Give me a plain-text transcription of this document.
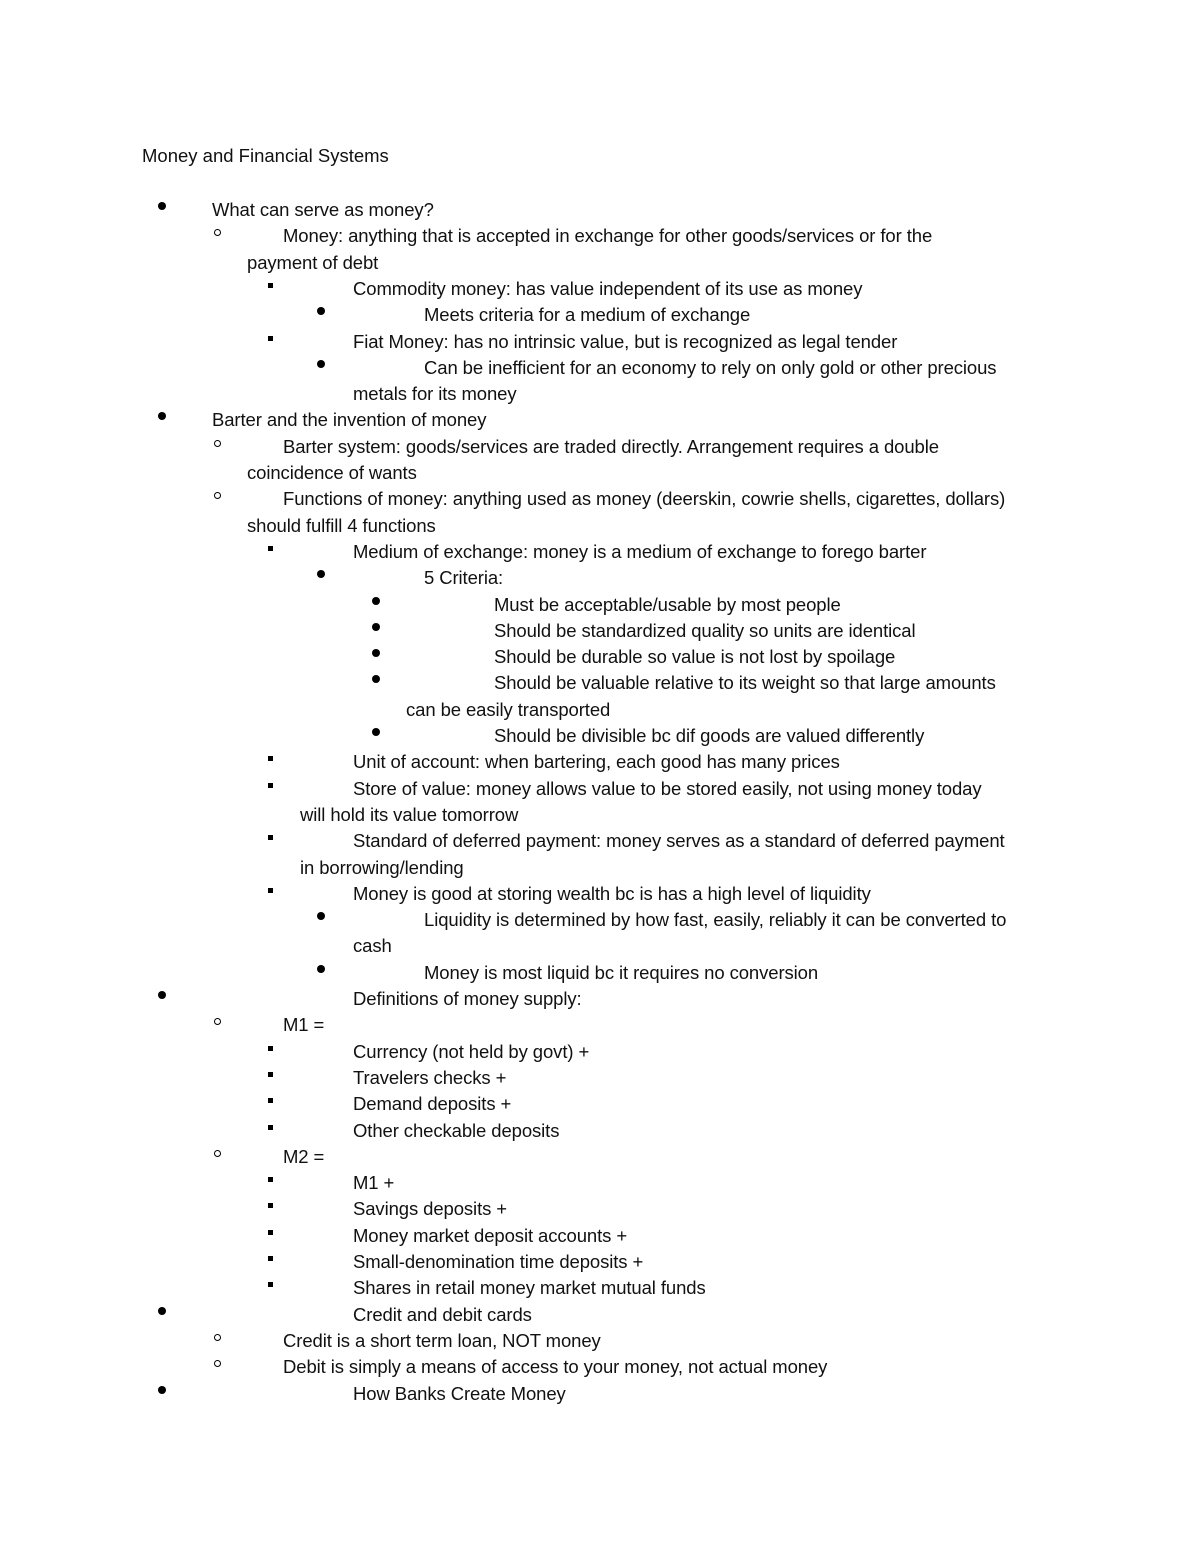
Money and Financial Systems
What can serve as money?
Money: anything that is accepted in exchange for other goods/services or for the
payment of debt
Commodity money: has value independent of its use as money
Meets criteria for a medium of exchange
Fiat Money: has no intrinsic value, but is recognized as legal tender
Can be inefficient for an economy to rely on only gold or other precious
metals for its money
Barter and the invention of money
Barter system: goods/services are traded directly. Arrangement requires a double
coincidence of wants
Functions of money: anything used as money (deerskin, cowrie shells, cigarettes, dollars)
should fulfill 4 functions
Medium of exchange: money is a medium of exchange to forego barter
5 Criteria:
Must be acceptable/usable by most people
Should be standardized quality so units are identical
Should be durable so value is not lost by spoilage
Should be valuable relative to its weight so that large amounts
can be easily transported
Should be divisible bc dif goods are valued differently
Unit of account: when bartering, each good has many prices
Store of value: money allows value to be stored easily, not using money today
will hold its value tomorrow
Standard of deferred payment: money serves as a standard of deferred payment
in borrowing/lending
Money is good at storing wealth bc is has a high level of liquidity
Liquidity is determined by how fast, easily, reliably it can be converted to
cash
Money is most liquid bc it requires no conversion
Definitions of money supply:
M1 =
Currency (not held by govt) +
Travelers checks +
Demand deposits +
Other checkable deposits
M2 =
M1 +
Savings deposits +
Money market deposit accounts +
Small-denomination time deposits +
Shares in retail money market mutual funds
Credit and debit cards
Credit is a short term loan, NOT money
Debit is simply a means of access to your money, not actual money
How Banks Create Money
